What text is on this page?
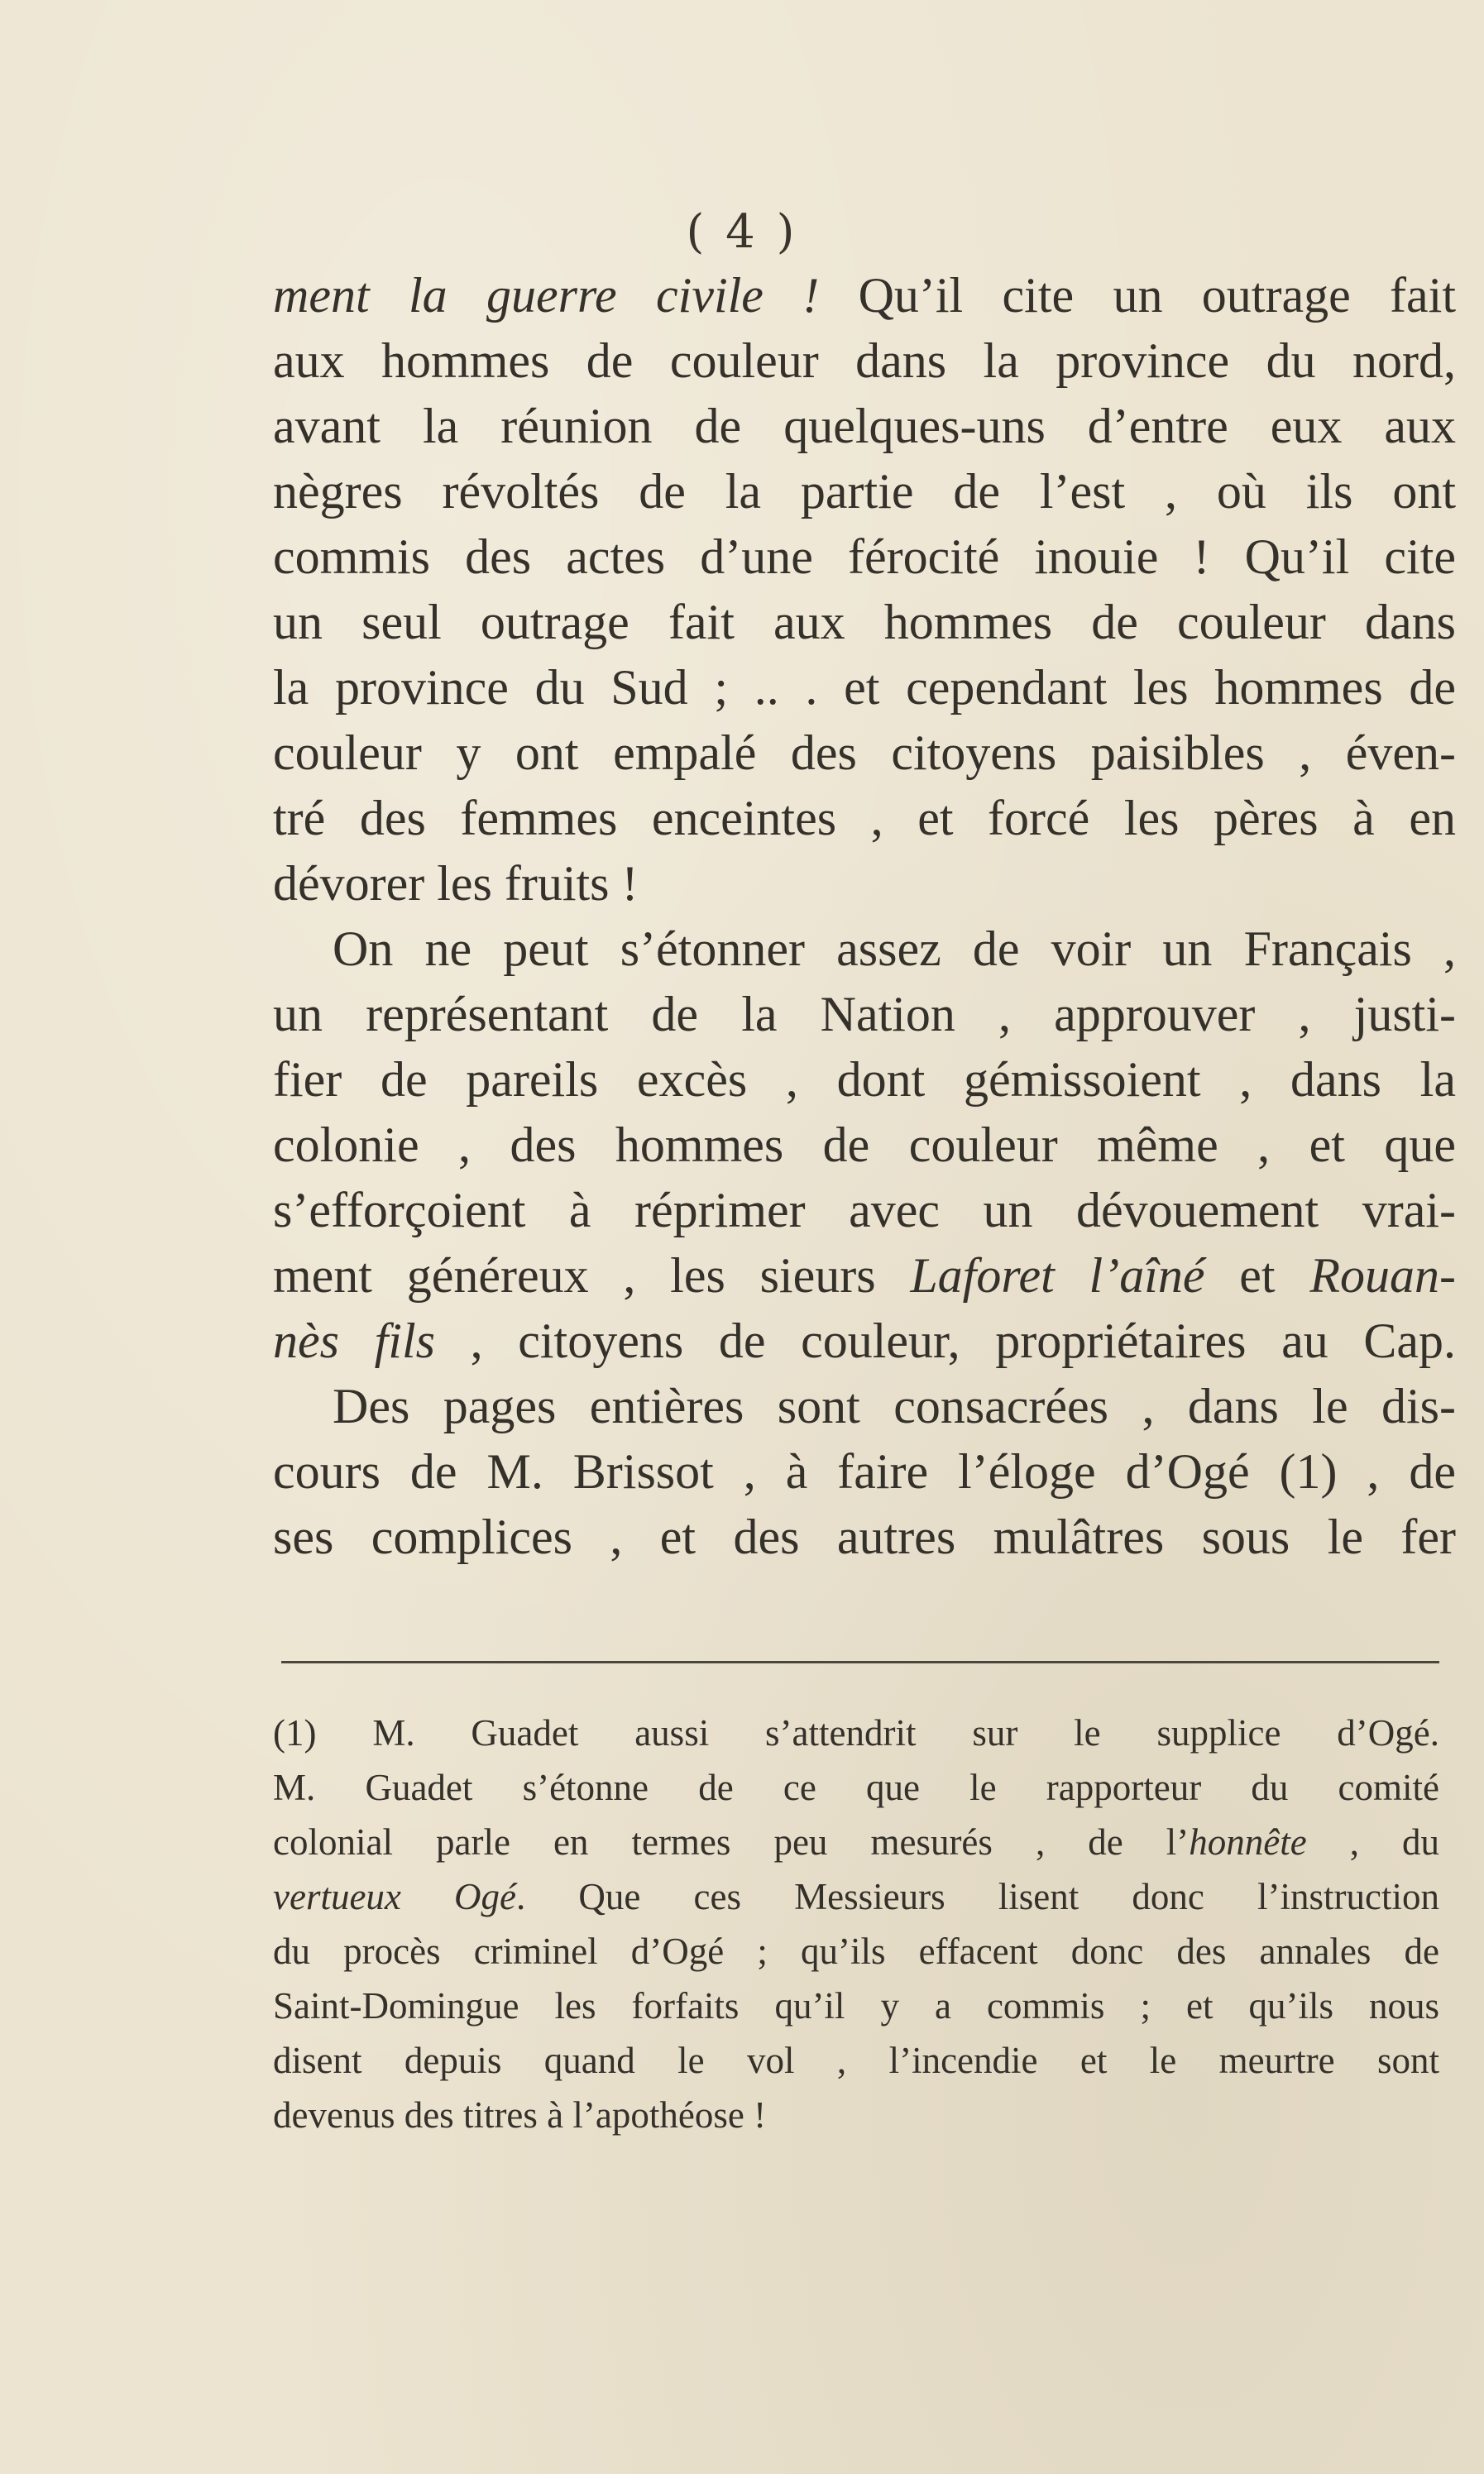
( 4 )
ment la guerre civile ! Qu’il cite un outrage fait
aux hommes de couleur dans la province du nord,
avant la réunion de quelques-uns d’entre eux aux
nègres révoltés de la partie de l’est , où ils ont
commis des actes d’une férocité inouie ! Qu’il cite
un seul outrage fait aux hommes de couleur dans
la province du Sud ; .. . et cependant les hommes de
couleur y ont empalé des citoyens paisibles , éven-
tré des femmes enceintes , et forcé les pères à en
dévorer les fruits !
On ne peut s’étonner assez de voir un Français ,
un représentant de la Nation , approuver , justi-
fier de pareils excès , dont gémissoient , dans la
colonie , des hommes de couleur même , et que
s’efforçoient à réprimer avec un dévouement vrai-
ment généreux , les sieurs Laforet l’aîné et Rouan-
nès fils , citoyens de couleur, propriétaires au Cap.
Des pages entières sont consacrées , dans le dis-
cours de M. Brissot , à faire l’éloge d’Ogé (1) , de
ses complices , et des autres mulâtres sous le fer
(1) M. Guadet aussi s’attendrit sur le supplice d’Ogé.
M. Guadet s’étonne de ce que le rapporteur du comité
colonial parle en termes peu mesurés , de l’honnête , du
vertueux Ogé. Que ces Messieurs lisent donc l’instruction
du procès criminel d’Ogé ; qu’ils effacent donc des annales de
Saint-Domingue les forfaits qu’il y a commis ; et qu’ils nous
disent depuis quand le vol , l’incendie et le meurtre sont
devenus des titres à l’apothéose !
